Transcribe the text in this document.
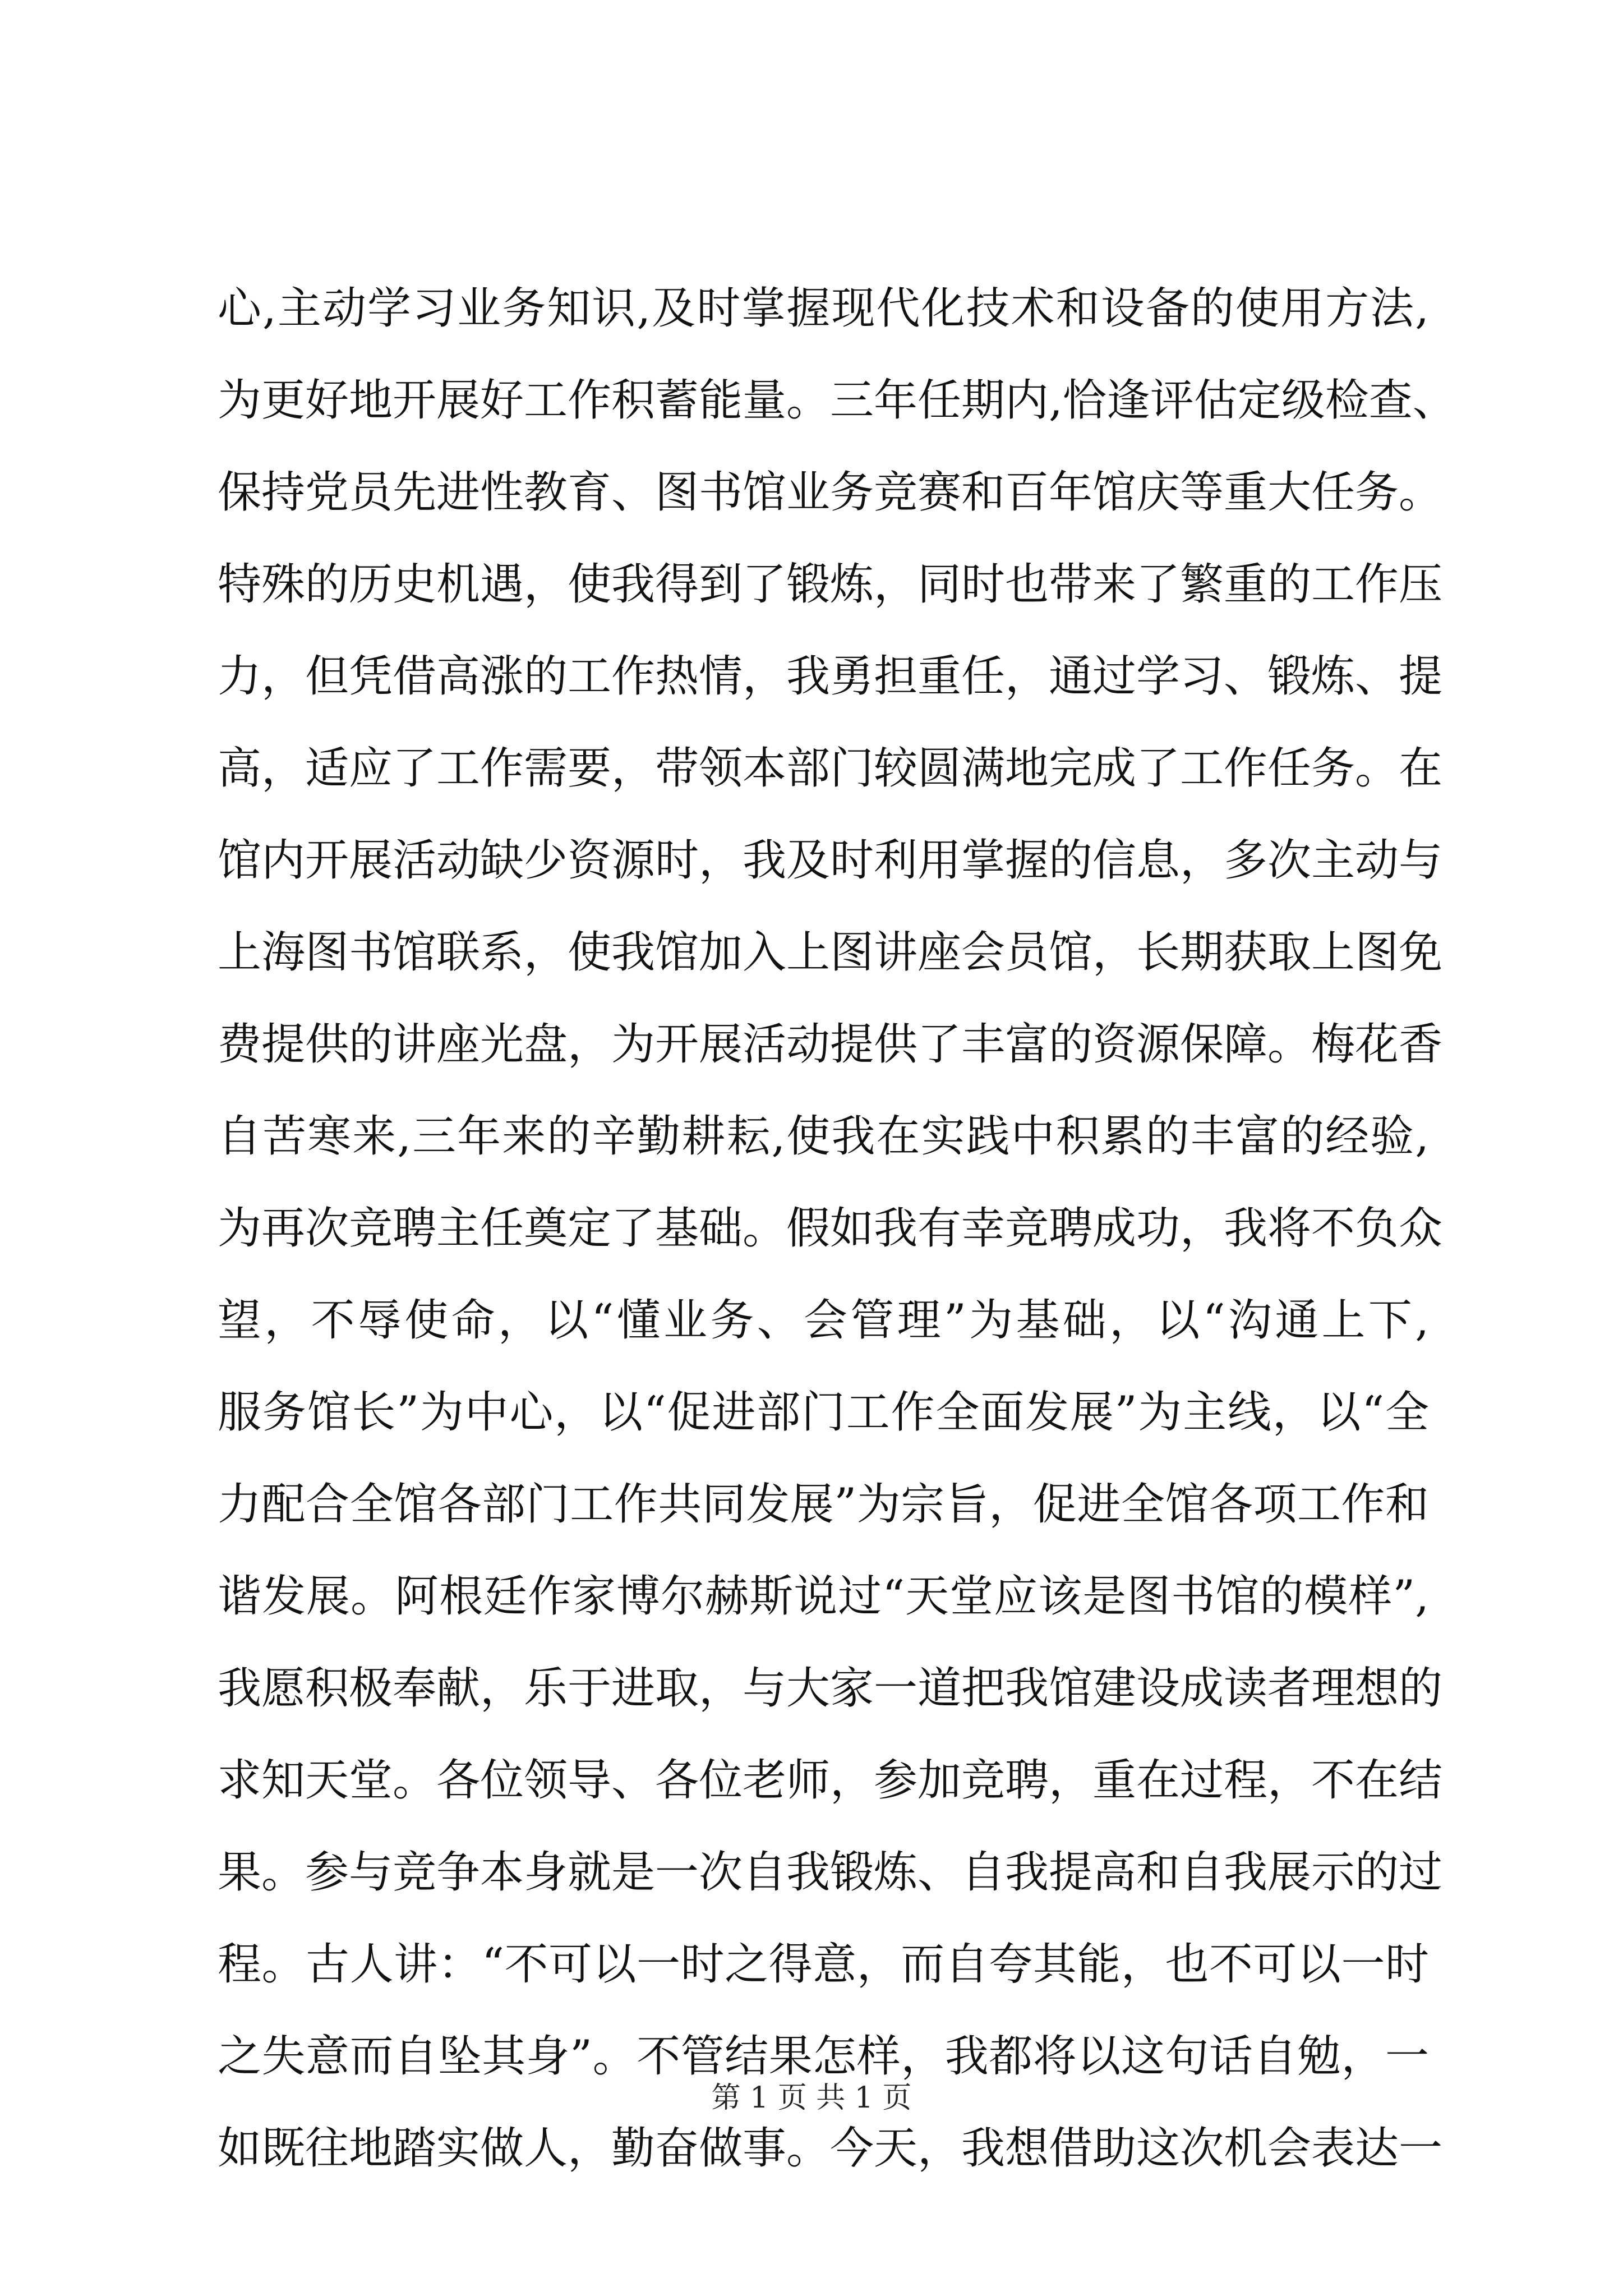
心,主动学习业务知识,及时掌握现代化技术和设备的使用方法,
为更好地开展好工作积蓄能量。三年任期内,恰逢评估定级检查、
保持党员先进性教育、图书馆业务竞赛和百年馆庆等重大任务。
特殊的历史机遇，使我得到了锻炼，同时也带来了繁重的工作压
力，但凭借高涨的工作热情，我勇担重任，通过学习、锻炼、提
高，适应了工作需要，带领本部门较圆满地完成了工作任务。在
馆内开展活动缺少资源时，我及时利用掌握的信息，多次主动与
上海图书馆联系，使我馆加入上图讲座会员馆，长期获取上图免
费提供的讲座光盘，为开展活动提供了丰富的资源保障。梅花香
自苦寒来,三年来的辛勤耕耘,使我在实践中积累的丰富的经验,
为再次竞聘主任奠定了基础。假如我有幸竞聘成功，我将不负众
望，不辱使命，以“懂业务、会管理”为基础，以“沟通上下,
服务馆长”为中心，以“促进部门工作全面发展”为主线，以“全
力配合全馆各部门工作共同发展”为宗旨，促进全馆各项工作和
谐发展。阿根廷作家博尔赫斯说过“天堂应该是图书馆的模样”,
我愿积极奉献，乐于进取，与大家一道把我馆建设成读者理想的
求知天堂。各位领导、各位老师，参加竞聘，重在过程，不在结
果。参与竞争本身就是一次自我锻炼、自我提高和自我展示的过
程。古人讲：“不可以一时之得意，而自夸其能，也不可以一时
之失意而自坠其身”。不管结果怎样，我都将以这句话自勉，一
如既往地踏实做人，勤奋做事。今天，我想借助这次机会表达一
第 1 页 共 1 页
